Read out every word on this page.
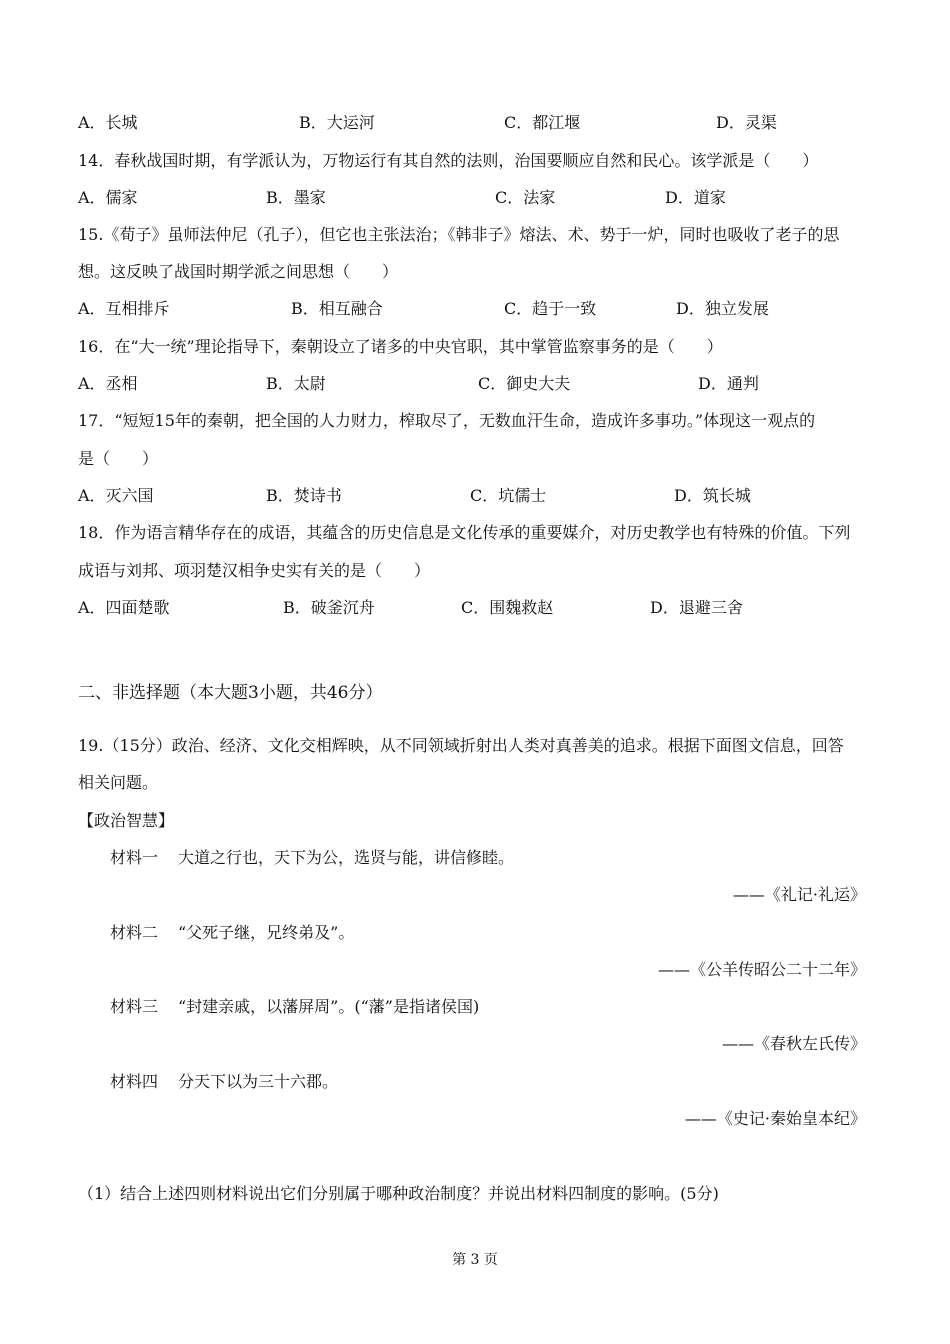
A．长城	B．大运河	C．都江堰	D．灵渠
14．春秋战国时期，有学派认为，万物运行有其自然的法则，治国要顺应自然和民心。该学派是（　　）
A．儒家	B．墨家	C．法家	D．道家
15.《荀子》虽师法仲尼（孔子），但它也主张法治；《韩非子》熔法、术、势于一炉，同时也吸收了老子的思
想。这反映了战国时期学派之间思想（　　）
A．互相排斥	B．相互融合	C．趋于一致	D．独立发展
16．在“大一统”理论指导下，秦朝设立了诸多的中央官职，其中掌管监察事务的是（　　）
A．丞相	B．太尉	C．御史大夫	D．通判
17．“短短15年的秦朝，把全国的人力财力，榨取尽了，无数血汗生命，造成许多事功。”体现这一观点的
是（　　）
A．灭六国	B．焚诗书	C．坑儒士	D．筑长城
18．作为语言精华存在的成语，其蕴含的历史信息是文化传承的重要媒介，对历史教学也有特殊的价值。下列
成语与刘邦、项羽楚汉相争史实有关的是（　　）
A．四面楚歌	B．破釜沉舟	C．围魏救赵	D．退避三舍
二、非选择题（本大题3小题，共46分）
19.（15分）政治、经济、文化交相辉映，从不同领域折射出人类对真善美的追求。根据下面图文信息，回答
相关问题。
【政治智慧】
材料一 大道之行也，天下为公，选贤与能，讲信修睦。
——《礼记·礼运》
材料二 “父死子继，兄终弟及”。
——《公羊传昭公二十二年》
材料三 “封建亲戚，以藩屏周”。(“藩”是指诸侯国)
——《春秋左氏传》
材料四 分天下以为三十六郡。
——《史记·秦始皇本纪》
（1）结合上述四则材料说出它们分别属于哪种政治制度？并说出材料四制度的影响。(5分)
第 3 页
